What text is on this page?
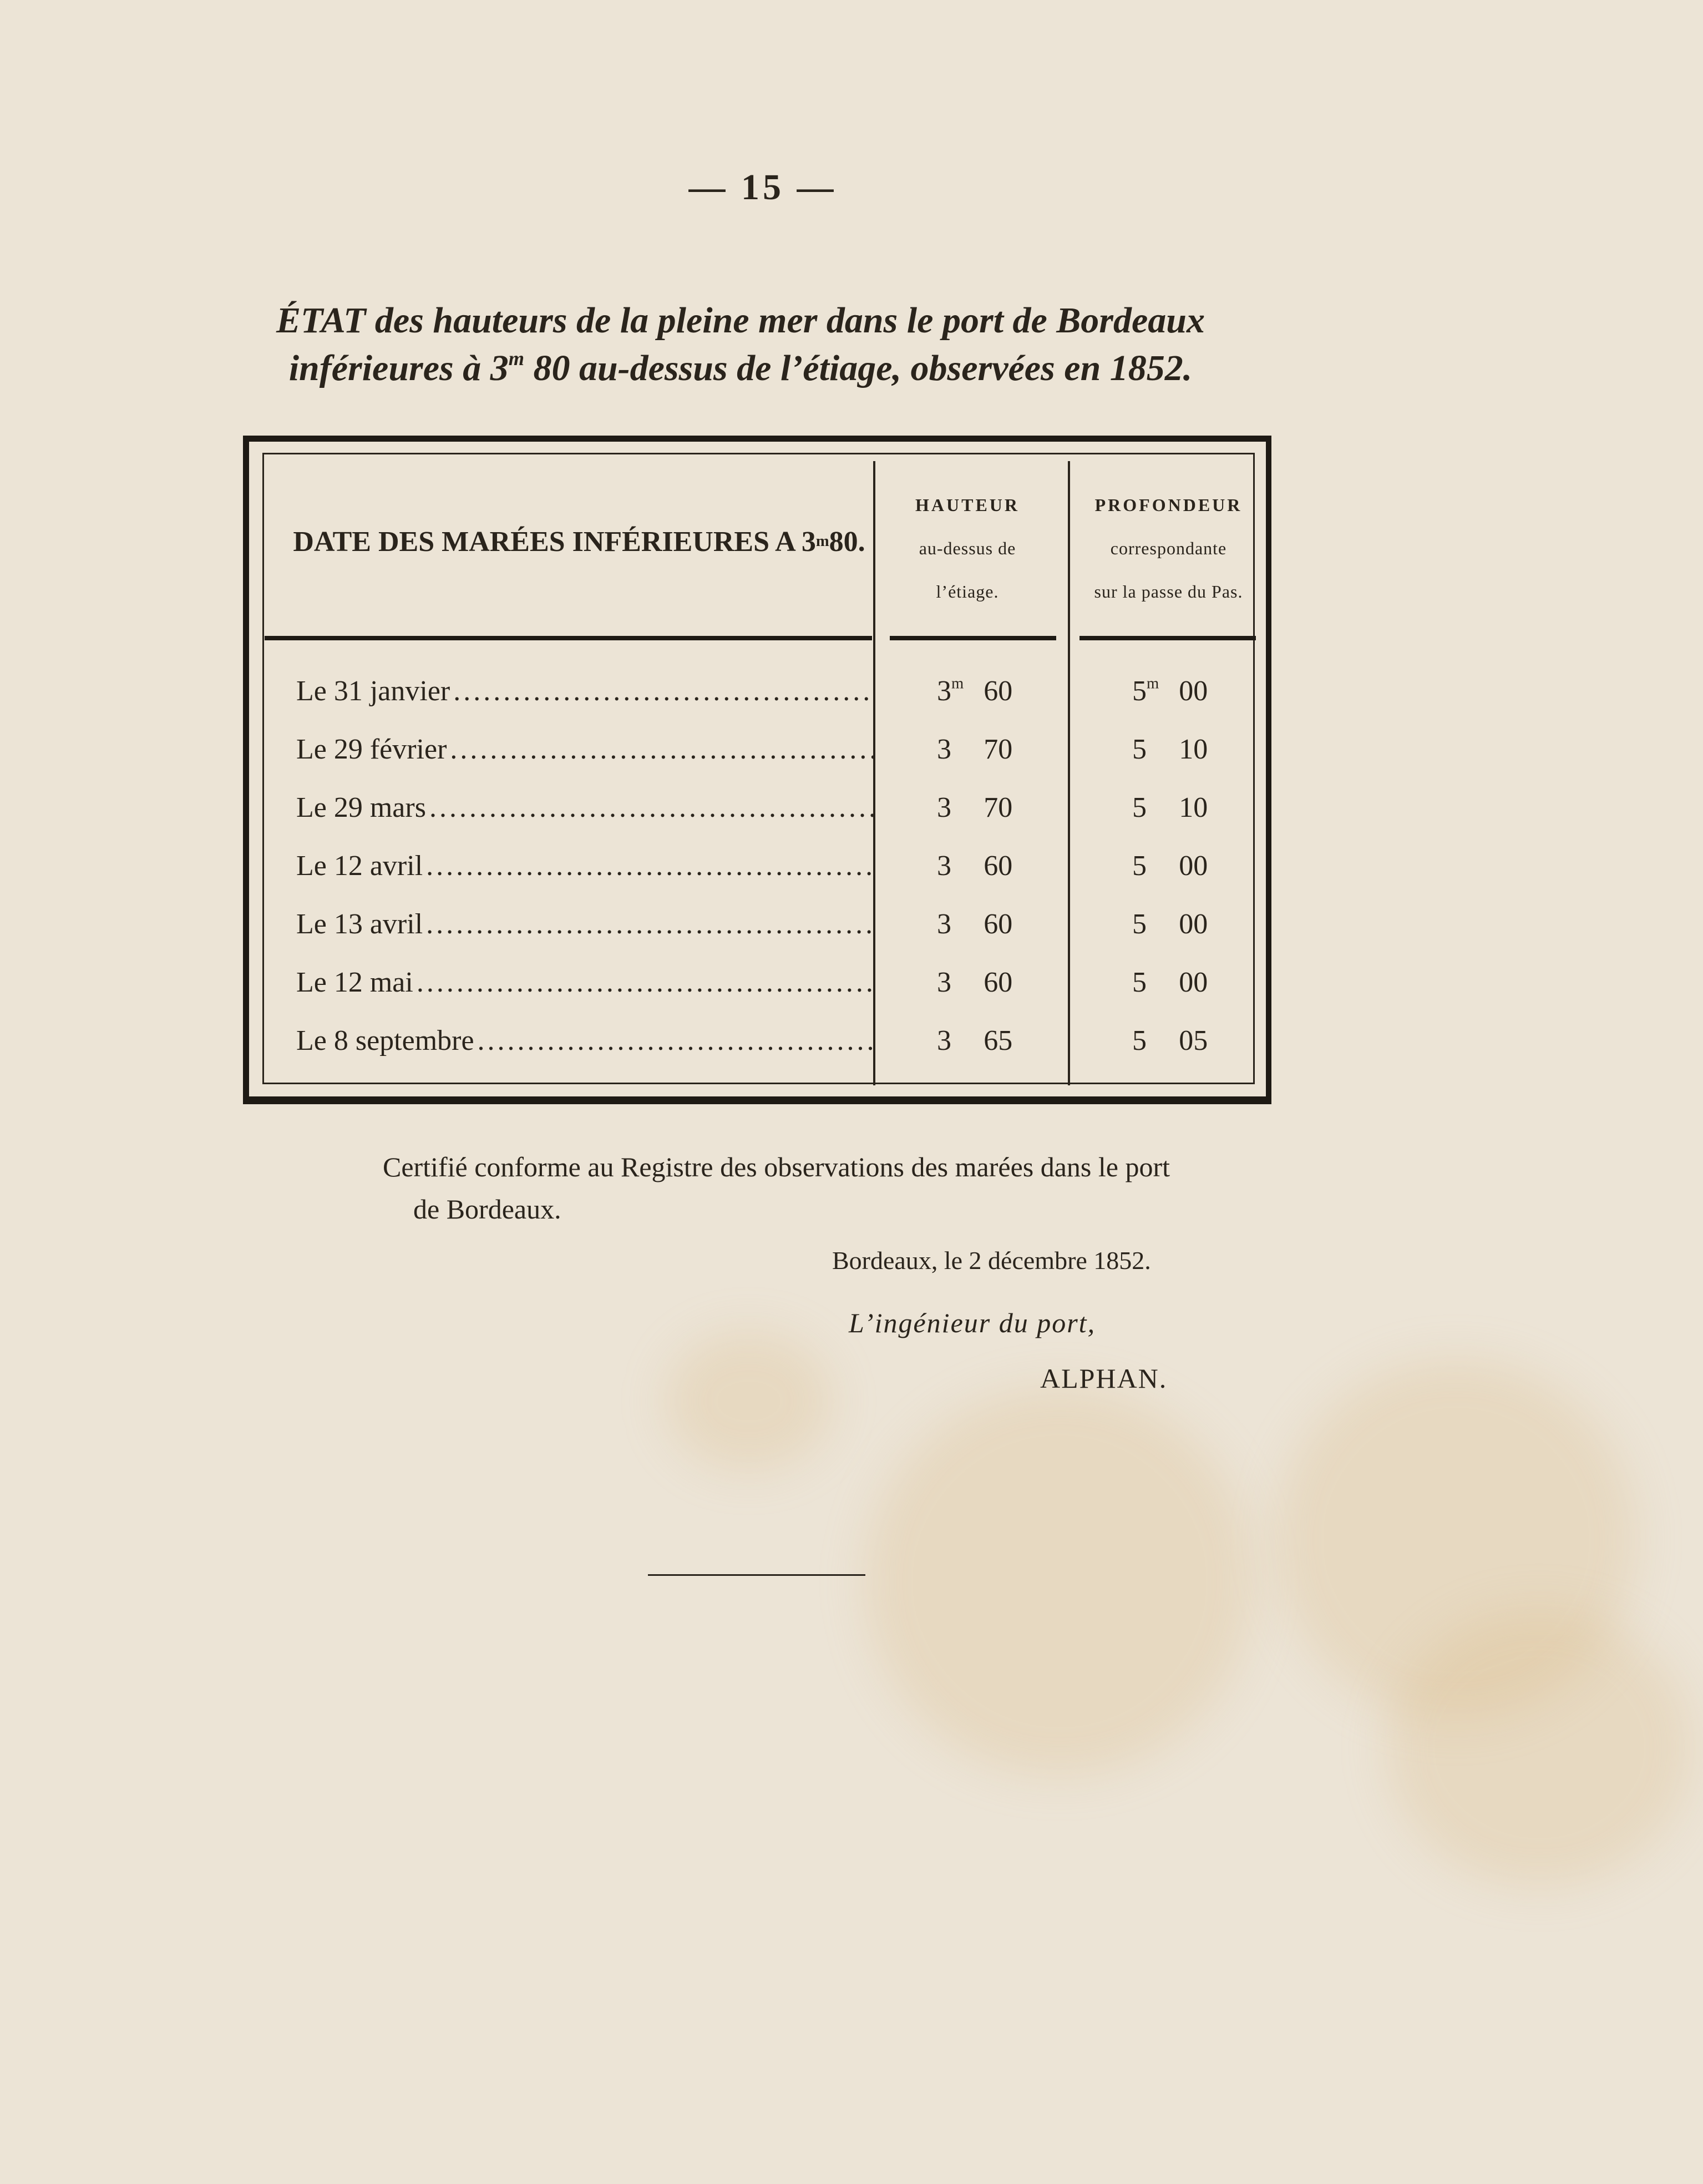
— 15 —
ÉTAT des hauteurs de la pleine mer dans le port de Bordeaux
inférieures à 3$^m$ 80 au-dessus de l’étiage, observées en 1852.
DATE DES MARÉES INFÉRIEURES A 3 m 80.
HAUTEUR
au-dessus de
l’étiage.
PROFONDEUR
correspondante
sur la passe du Pas.
Le 31 janvier .....	3$^m$ 60	5$^m$ 00
Le 29 février .....	3 70	5 10
Le 29 mars .....	3 70	5 10
Le 12 avril .....	3 60	5 00
Le 13 avril .....	3 60	5 00
Le 12 mai .....	3 60	5 00
Le 8 septembre .....	3 65	5 05
Certifié conforme au Registre des observations des marées dans le port
de Bordeaux.
Bordeaux, le 2 décembre 1852.
L’ingénieur du port,
ALPHAN.
